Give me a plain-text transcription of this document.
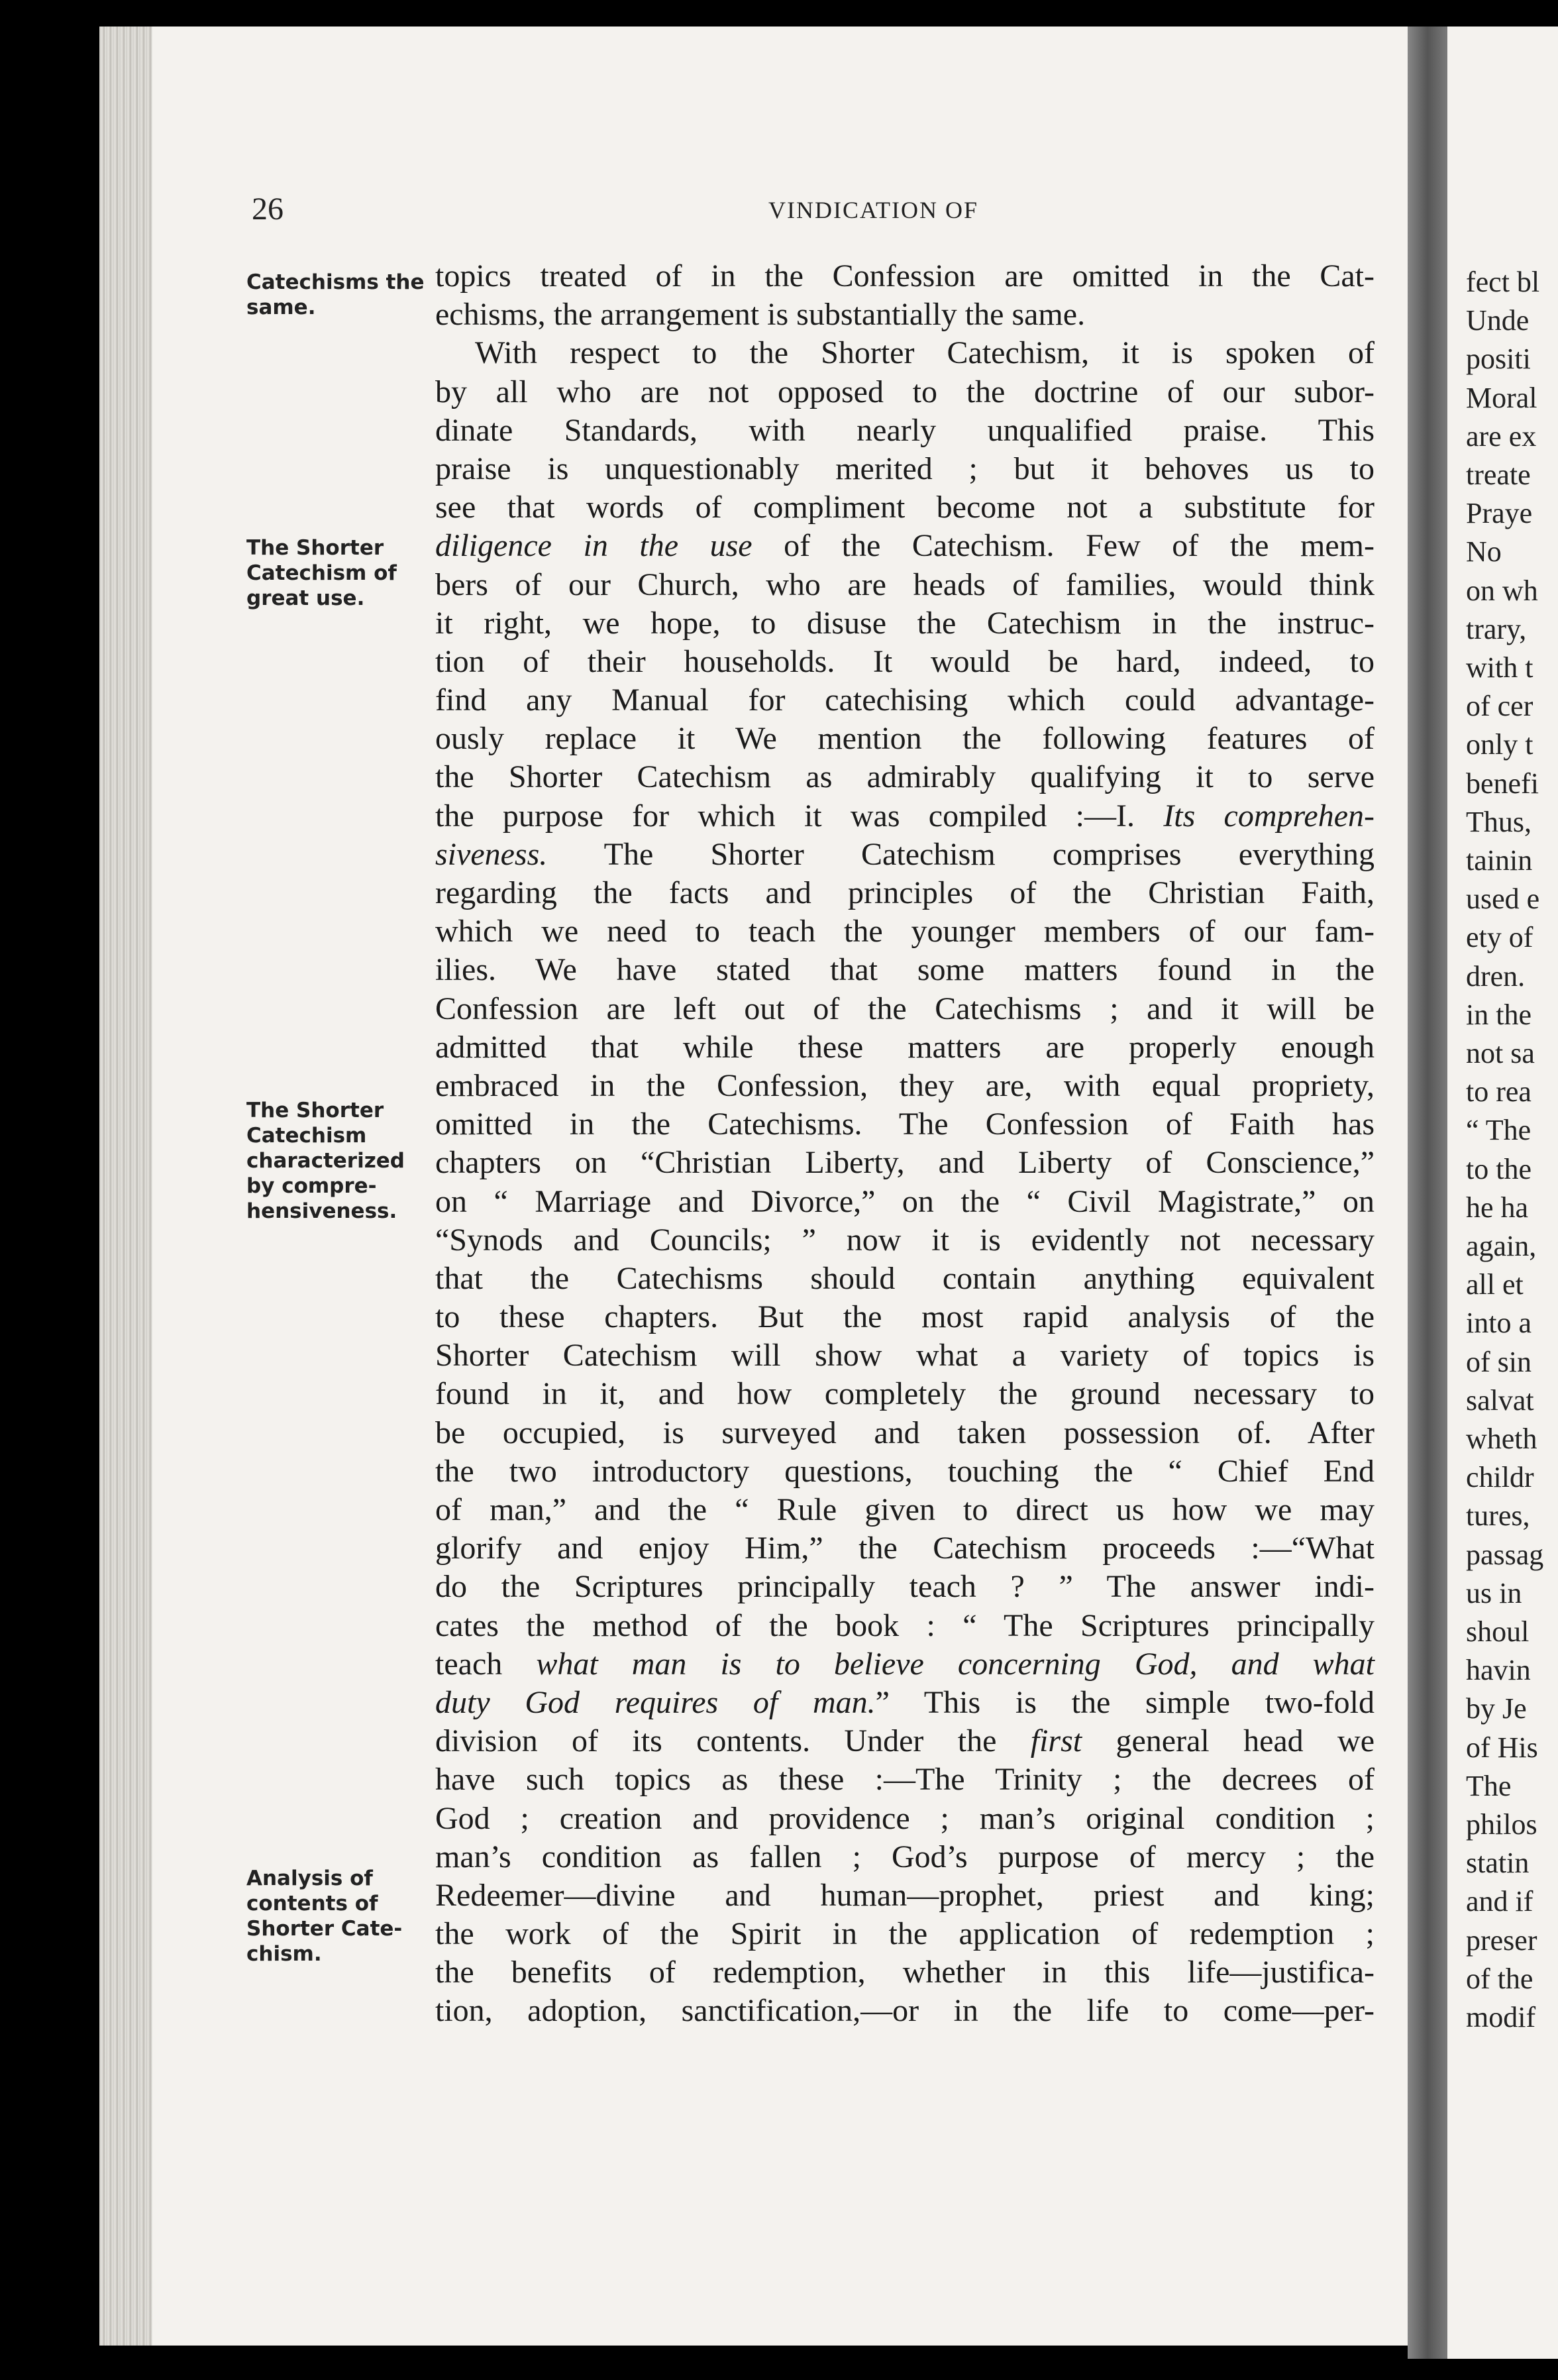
26	VINDICATION OF
Catechisms the
same.
The Shorter
Catechism of
great use.
The Shorter
Catechism
characterized
by compre-
hensiveness.
Analysis of
contents of
Shorter Cate-
chism.
topics treated of in the Confession are omitted in the Cat-
echisms, the arrangement is substantially the same.
With respect to the Shorter Catechism, it is spoken of
by all who are not opposed to the doctrine of our subor-
dinate Standards, with nearly unqualified praise. This
praise is unquestionably merited ; but it behoves us to
see that words of compliment become not a substitute for
diligence in the use of the Catechism. Few of the mem-
bers of our Church, who are heads of families, would think
it right, we hope, to disuse the Catechism in the instruc-
tion of their households. It would be hard, indeed, to
find any Manual for catechising which could advantage-
ously replace it We mention the following features of
the Shorter Catechism as admirably qualifying it to serve
the purpose for which it was compiled :—I. Its comprehen-
siveness. The Shorter Catechism comprises everything
regarding the facts and principles of the Christian Faith,
which we need to teach the younger members of our fam-
ilies. We have stated that some matters found in the
Confession are left out of the Catechisms ; and it will be
admitted that while these matters are properly enough
embraced in the Confession, they are, with equal propriety,
omitted in the Catechisms. The Confession of Faith has
chapters on “Christian Liberty, and Liberty of Conscience,”
on “ Marriage and Divorce,” on the “ Civil Magistrate,” on
“Synods and Councils; ” now it is evidently not necessary
that the Catechisms should contain anything equivalent
to these chapters. But the most rapid analysis of the
Shorter Catechism will show what a variety of topics is
found in it, and how completely the ground necessary to
be occupied, is surveyed and taken possession of. After
the two introductory questions, touching the “ Chief End
of man,” and the “ Rule given to direct us how we may
glorify and enjoy Him,” the Catechism proceeds :—“What
do the Scriptures principally teach ? ” The answer indi-
cates the method of the book : “ The Scriptures principally
teach what man is to believe concerning God, and what
duty God requires of man.” This is the simple two-fold
division of its contents. Under the first general head we
have such topics as these :—The Trinity ; the decrees of
God ; creation and providence ; man’s original condition ;
man’s condition as fallen ; God’s purpose of mercy ; the
Redeemer—divine and human—prophet, priest and king;
the work of the Spirit in the application of redemption ;
the benefits of redemption, whether in this life—justifica-
tion, adoption, sanctification,—or in the life to come—per-
fect bl
Unde
positi
Moral
are ex
treate
Praye
No
on wh
trary,
with t
of cer
only t
benefi
Thus,
tainin
used e
ety of
dren.
in the
not sa
to rea
“ The
to the
he ha
again,
all et
into a
of sin
salvat
wheth
childr
tures,
passag
us in
shoul
havin
by Je
of His
The
philos
statin
and if
preser
of the
modif
